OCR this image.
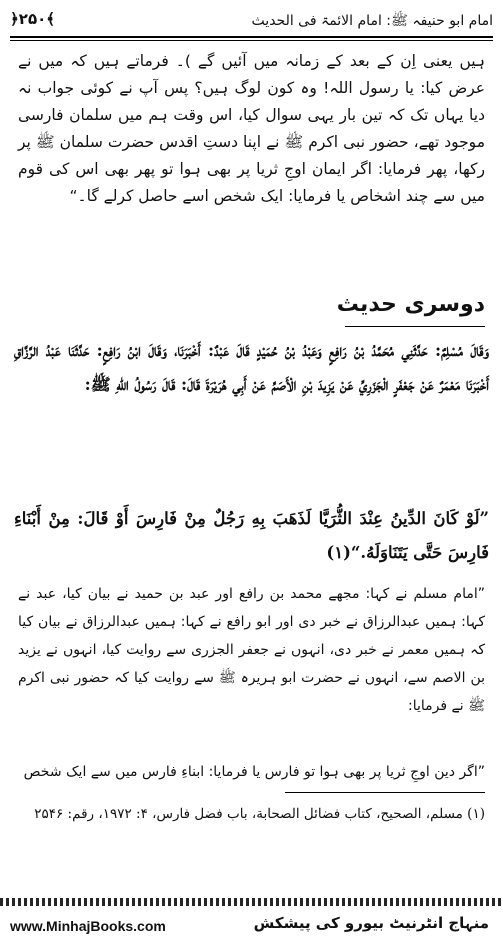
امام ابو حنیفہ ﷺ: امام الائمۃ فی الحدیث
﴿۲۵۰﴾
ہیں یعنی اِن کے بعد کے زمانہ میں آئیں گے )۔ فرماتے ہیں کہ میں نے عرض کیا: یا رسول اللہ! وہ کون لوگ ہیں؟ پس آپ نے کوئی جواب نہ دیا یہاں تک کہ تین بار یہی سوال کیا، اس وقت ہم میں سلمان فارسی موجود تھے، حضور نبی اکرم ﷺ نے اپنا دستِ اقدس حضرت سلمان ﷺ پر رکھا، پھر فرمایا: اگر ایمان اوجِ ثریا پر بھی ہوا تو پھر بھی اس کی قوم میں سے چند اشخاص یا فرمایا: ایک شخص اسے حاصل کرلے گا۔“
دوسری حدیث
وَقَالَ مُسْلِمٌ: حَدَّثَنِي مُحَمَّدُ بْنُ رَافِعٍ وَعَبْدُ بْنُ حُمَيْدٍ قَالَ عَبْدٌ: أَخْبَرَنَا، وَقَالَ ابْنُ رَافِعٍ: حَدَّثَنَا عَبْدُ الرَّزَّاقِ أَخْبَرَنَا مَعْمَرٌ عَنْ جَعْفَرٍ الْجَزَرِيِّ عَنْ يَزِيدَ بْنِ الْأَصَمِّ عَنْ أَبِي هُرَيْرَةَ قَالَ: قَالَ رَسُولُ اللهِ ﷺ:
”لَوْ كَانَ الدِّينُ عِنْدَ الثُّرَيَّا لَذَهَبَ بِهِ رَجُلٌ مِنْ فَارِسَ أَوْ قَالَ: مِنْ أَبْنَاءِ فَارِسَ حَتَّى يَتَنَاوَلَهُ.“(۱)
”امام مسلم نے کہا: مجھے محمد بن رافع اور عبد بن حمید نے بیان کیا، عبد نے کہا: ہمیں عبدالرزاق نے خبر دی اور ابو رافع نے کہا: ہمیں عبدالرزاق نے بیان کیا کہ ہمیں معمر نے خبر دی، انہوں نے جعفر الجزری سے روایت کیا، انہوں نے یزید بن الاصم سے، انہوں نے حضرت ابو ہریرہ ﷺ سے روایت کیا کہ حضور نبی اکرم ﷺ نے فرمایا:
”اگر دین اوجِ ثریا پر بھی ہوا تو فارس یا فرمایا: ابناءِ فارس میں سے ایک شخص
(۱) مسلم، الصحیح، کتاب فضائل الصحابة، باب فضل فارس، ۴: ۱۹۷۲، رقم: ۲۵۴۶
منہاج انٹرنیٹ بیورو کی پیشکش
www.MinhajBooks.com
